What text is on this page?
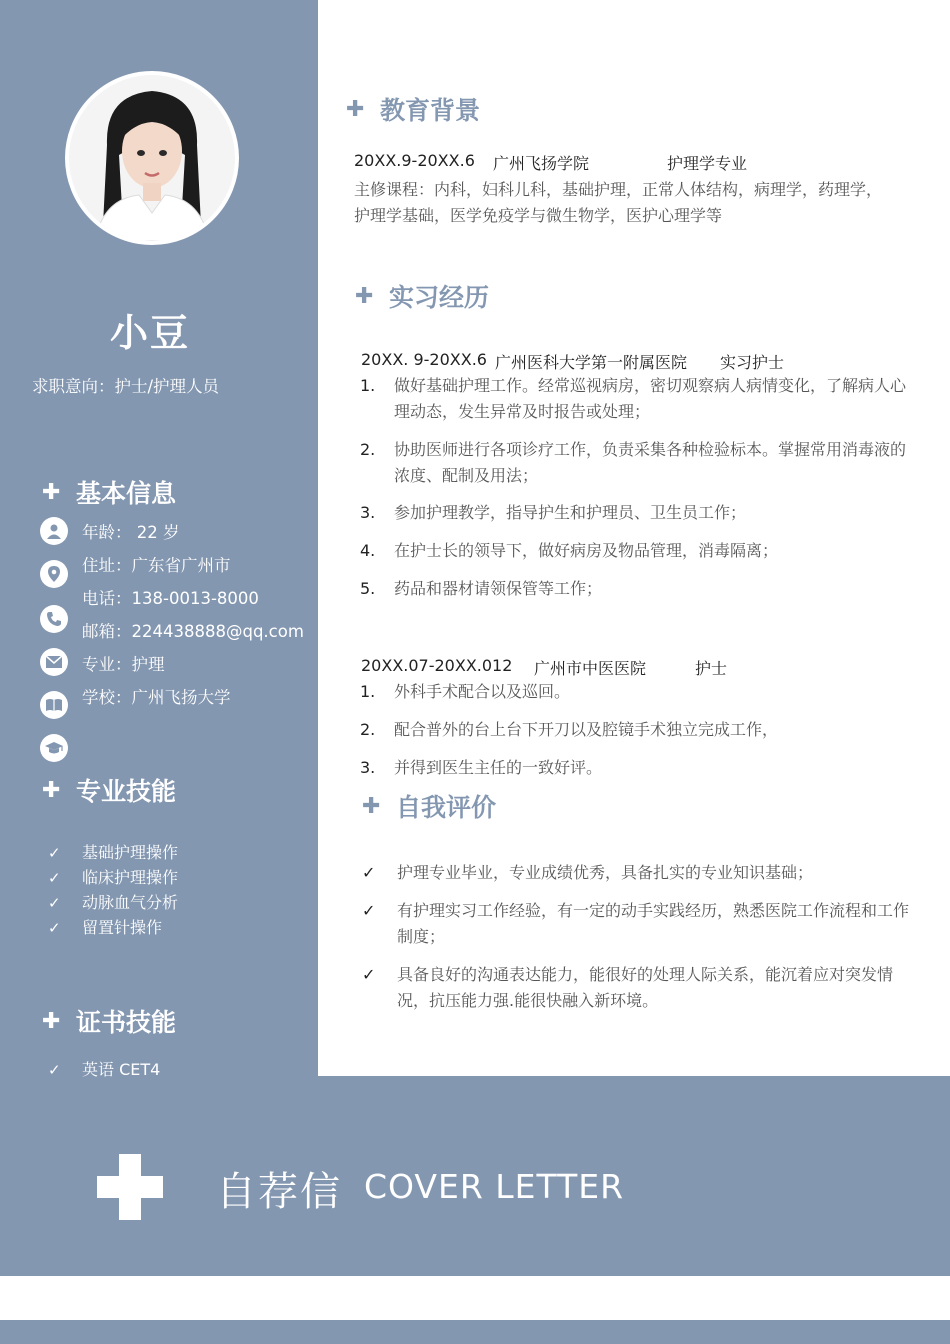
小豆
求职意向：护士/护理人员
✚ 基本信息
年龄： 22 岁
住址：广东省广州市
电话：138-0013-8000
邮箱：224438888@qq.com
专业：护理
学校：广州飞扬大学
✚ 专业技能
✓ 基础护理操作
✓ 临床护理操作
✓ 动脉血气分析
✓ 留置针操作
✚ 证书技能
✓ 英语 CET4
✚ 教育背景
20XX.9-20XX.6 广州飞扬学院	护理学专业
主修课程：内科，妇科儿科，基础护理，正常人体结构，病理学，药理学，
护理学基础，医学免疫学与微生物学，医护心理学等
✚ 实习经历
20XX. 9-20XX.6 广州医科大学第一附属医院 实习护士
1. 做好基础护理工作。经常巡视病房，密切观察病人病情变化，了解病人心理动态，发生异常及时报告或处理；
2. 协助医师进行各项诊疗工作，负责采集各种检验标本。掌握常用消毒液的浓度、配制及用法；
3. 参加护理教学，指导护生和护理员、卫生员工作；
4. 在护士长的领导下，做好病房及物品管理，消毒隔离；
5. 药品和器材请领保管等工作；
20XX.07-20XX.012 广州市中医医院	护士
1. 外科手术配合以及巡回。
2. 配合普外的台上台下开刀以及腔镜手术独立完成工作，
3. 并得到医生主任的一致好评。
✚ 自我评价
✓ 护理专业毕业，专业成绩优秀，具备扎实的专业知识基础；
✓ 有护理实习工作经验，有一定的动手实践经历，熟悉医院工作流程和工作制度；
✓ 具备良好的沟通表达能力，能很好的处理人际关系，能沉着应对突发情况，抗压能力强.能很快融入新环境。
自荐信 COVER LETTER
